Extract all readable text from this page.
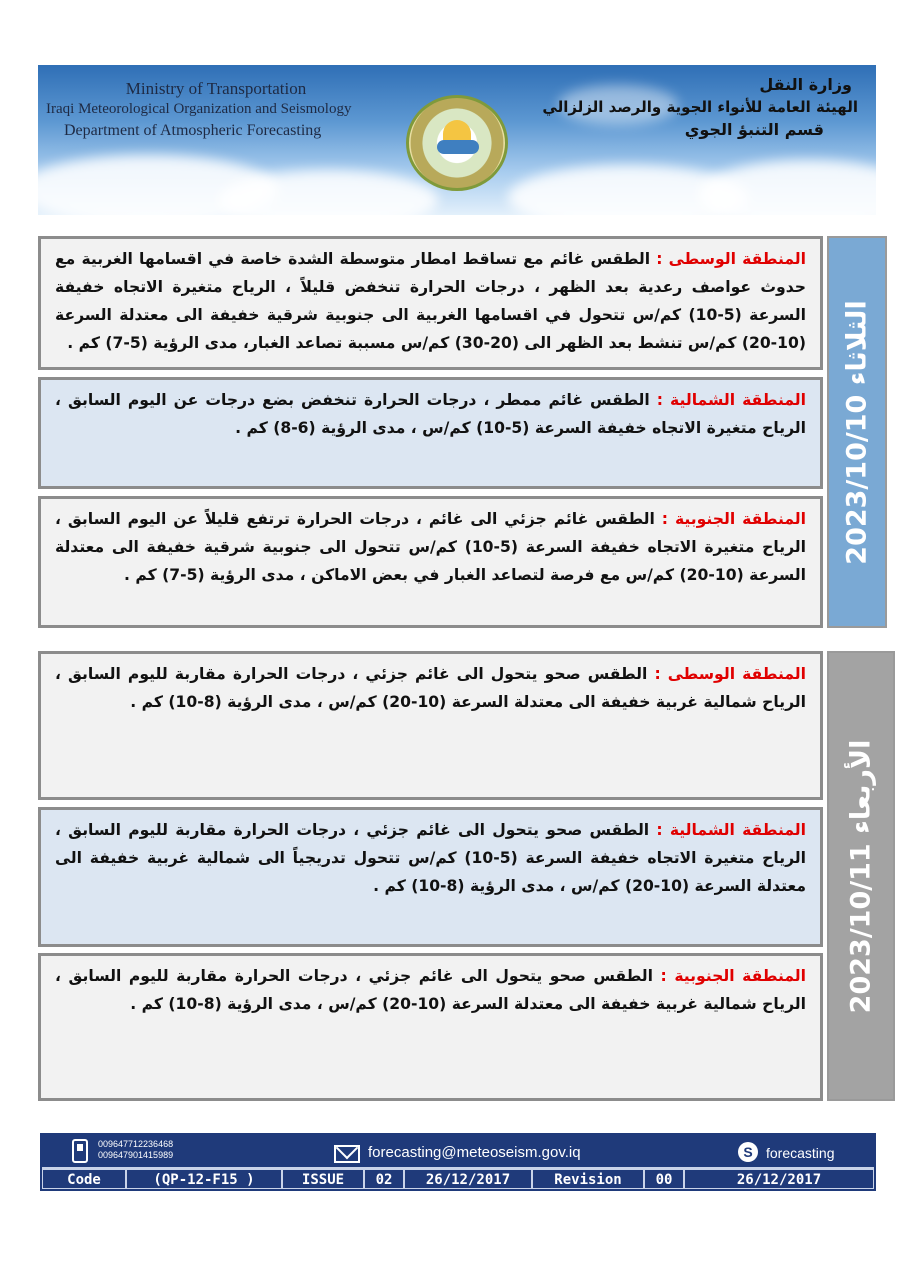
Ministry of Transportation
Iraqi Meteorological Organization and Seismology
Department of Atmospheric Forecasting
وزارة النقل
الهيئة العامة للأنواء الجوية والرصد الزلزالي
قسم التنبؤ الجوي
المنطقة الوسطى : الطقس غائم مع تساقط امطار متوسطة الشدة خاصة في اقسامها الغربية مع حدوث عواصف رعدية بعد الظهر ، درجات الحرارة تنخفض قليلاً ، الرياح متغيرة الاتجاه خفيفة السرعة (5-10) كم/س تتحول في اقسامها الغربية الى جنوبية شرقية خفيفة الى معتدلة السرعة (10-20) كم/س تنشط بعد الظهر الى (20-30) كم/س مسببة تصاعد الغبار، مدى الرؤية (5-7) كم .
المنطقة الشمالية : الطقس غائم ممطر ، درجات الحرارة تنخفض بضع درجات عن اليوم السابق ، الرياح متغيرة الاتجاه خفيفة السرعة (5-10) كم/س ، مدى الرؤية (6-8) كم .
المنطقة الجنوبية : الطقس غائم جزئي الى غائم ، درجات الحرارة ترتفع قليلاً عن اليوم السابق ، الرياح متغيرة الاتجاه خفيفة السرعة (5-10) كم/س تتحول الى جنوبية شرقية خفيفة الى معتدلة السرعة (10-20) كم/س مع فرصة لتصاعد الغبار في بعض الاماكن ، مدى الرؤية (5-7) كم .
الثلاثاء 2023/10/10
المنطقة الوسطى : الطقس صحو يتحول الى غائم جزئي ، درجات الحرارة مقاربة لليوم السابق ، الرياح شمالية غربية خفيفة الى معتدلة السرعة (10-20) كم/س ، مدى الرؤية (8-10) كم .
المنطقة الشمالية : الطقس صحو يتحول الى غائم جزئي ، درجات الحرارة مقاربة لليوم السابق ، الرياح متغيرة الاتجاه خفيفة السرعة (5-10) كم/س تتحول تدريجياً الى شمالية غربية خفيفة الى معتدلة السرعة (10-20) كم/س ، مدى الرؤية (8-10) كم .
المنطقة الجنوبية : الطقس صحو يتحول الى غائم جزئي ، درجات الحرارة مقاربة لليوم السابق ، الرياح شمالية غربية خفيفة الى معتدلة السرعة (10-20) كم/س ، مدى الرؤية (8-10) كم .	الأربعاء 2023/10/11
009647712236468
009647901415989	forecasting@meteoseism.gov.iq	S forecasting
Code	(QP-12-F15 )	ISSUE	02	26/12/2017	Revision	00	26/12/2017
